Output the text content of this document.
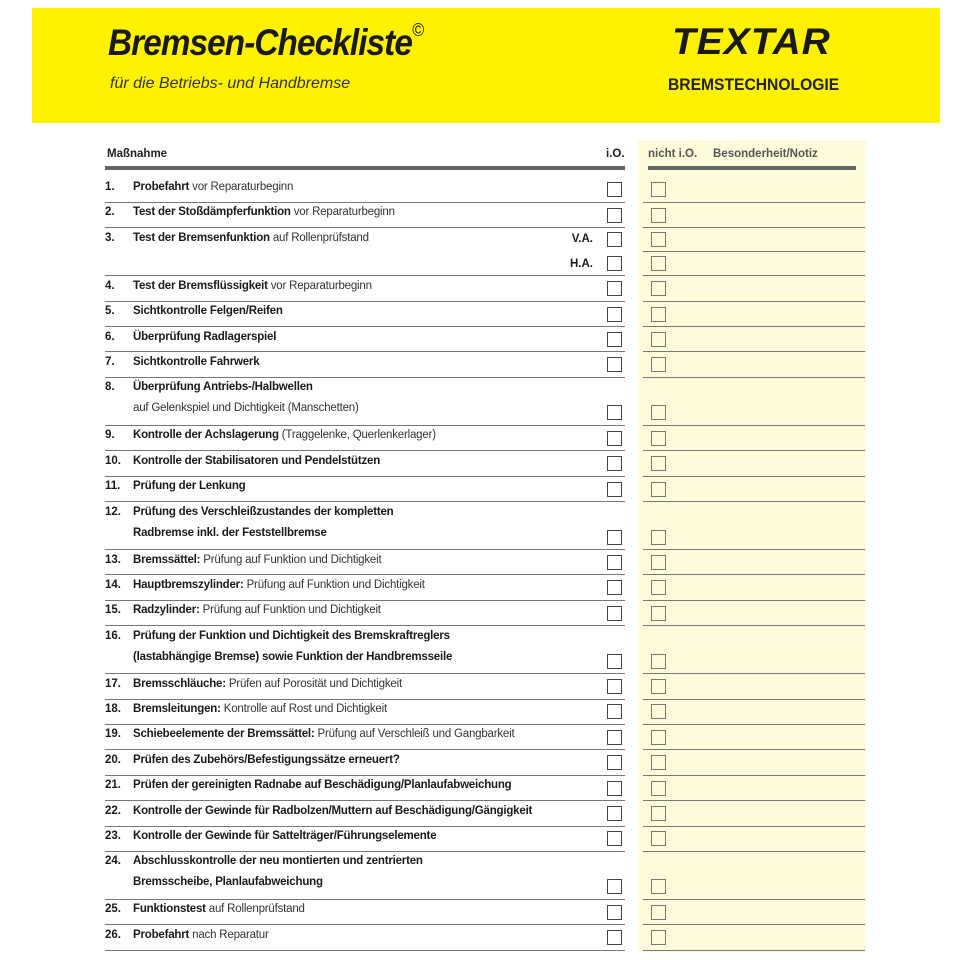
Bremsen-Checkliste©
für die Betriebs- und Handbremse
TEXTAR
BREMSTECHNOLOGIE
Maßnahme	i.O. nicht i.O. Besonderheit/Notiz
1. Probefahrt vor Reparaturbeginn
2. Test der Stoßdämpferfunktion vor Reparaturbeginn
3. Test der Bremsenfunktion auf Rollenprüfstand	V.A.
H.A.
4. Test der Bremsflüssigkeit vor Reparaturbeginn
5. Sichtkontrolle Felgen/Reifen
6. Überprüfung Radlagerspiel
7. Sichtkontrolle Fahrwerk
8. Überprüfung Antriebs-/Halbwellen
auf Gelenkspiel und Dichtigkeit (Manschetten)
9. Kontrolle der Achslagerung (Traggelenke, Querlenkerlager)
10. Kontrolle der Stabilisatoren und Pendelstützen
11. Prüfung der Lenkung
12. Prüfung des Verschleißzustandes der kompletten
Radbremse inkl. der Feststellbremse
13. Bremssättel: Prüfung auf Funktion und Dichtigkeit
14. Hauptbremszylinder: Prüfung auf Funktion und Dichtigkeit
15. Radzylinder: Prüfung auf Funktion und Dichtigkeit
16. Prüfung der Funktion und Dichtigkeit des Bremskraftreglers
(lastabhängige Bremse) sowie Funktion der Handbremsseile
17. Bremsschläuche: Prüfen auf Porosität und Dichtigkeit
18. Bremsleitungen: Kontrolle auf Rost und Dichtigkeit
19. Schiebeelemente der Bremssättel: Prüfung auf Verschleiß und Gangbarkeit
20. Prüfen des Zubehörs/Befestigungssätze erneuert?
21. Prüfen der gereinigten Radnabe auf Beschädigung/Planlaufabweichung
22. Kontrolle der Gewinde für Radbolzen/Muttern auf Beschädigung/Gängigkeit
23. Kontrolle der Gewinde für Sattelträger/Führungselemente
24. Abschlusskontrolle der neu montierten und zentrierten
Bremsscheibe, Planlaufabweichung
25. Funktionstest auf Rollenprüfstand
26. Probefahrt nach Reparatur
